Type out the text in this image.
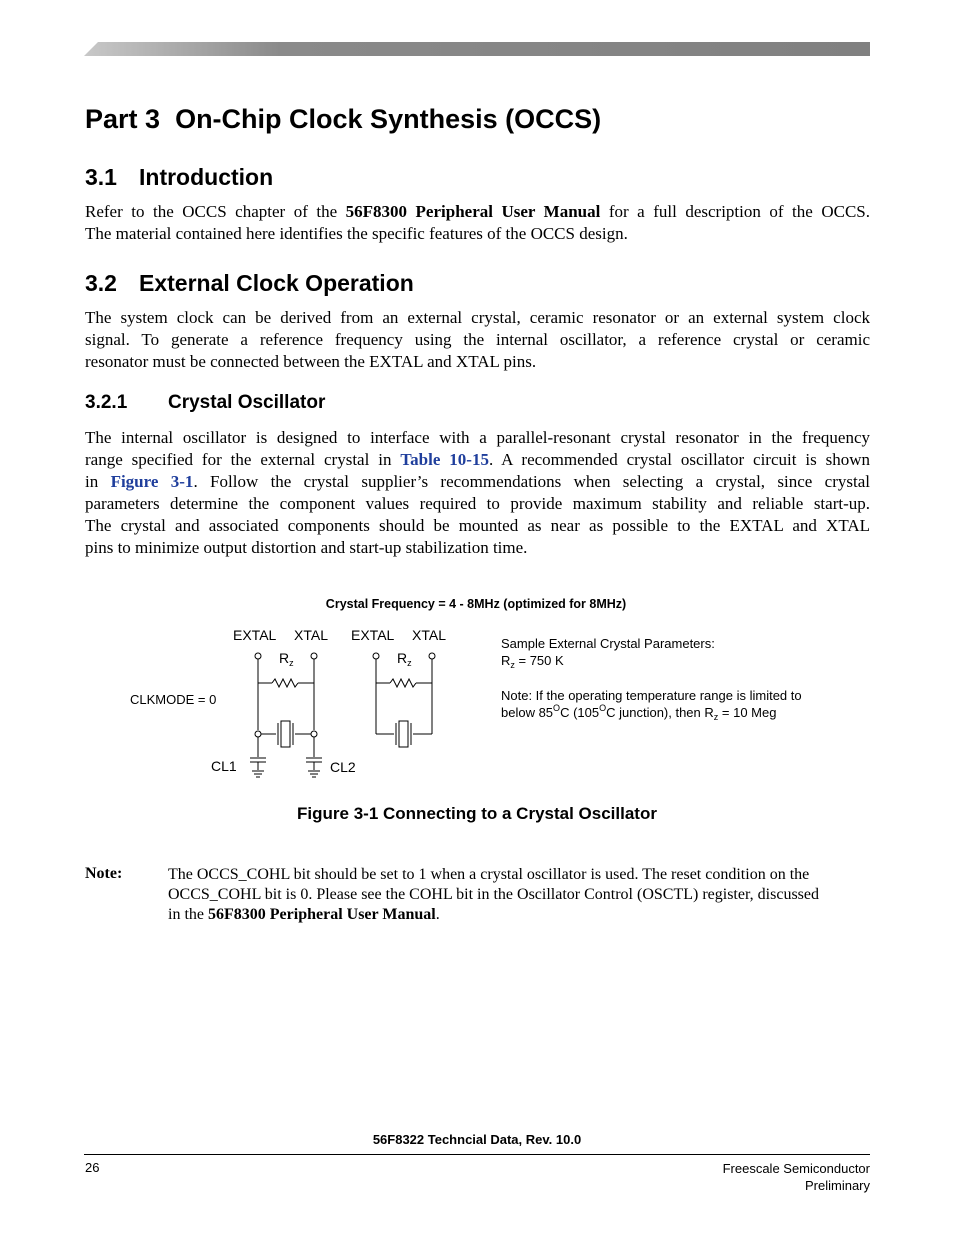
Part 3 On-Chip Clock Synthesis (OCCS)
3.1 Introduction
Refer to the OCCS chapter of the 56F8300 Peripheral User Manual for a full description of the OCCS.
The material contained here identifies the specific features of the OCCS design.
3.2 External Clock Operation
The system clock can be derived from an external crystal, ceramic resonator or an external system clock
signal. To generate a reference frequency using the internal oscillator, a reference crystal or ceramic
resonator must be connected between the EXTAL and XTAL pins.
3.2.1 Crystal Oscillator
The internal oscillator is designed to interface with a parallel-resonant crystal resonator in the frequency
range specified for the external crystal in Table 10-15. A recommended crystal oscillator circuit is shown
in Figure 3-1. Follow the crystal supplier’s recommendations when selecting a crystal, since crystal
parameters determine the component values required to provide maximum stability and reliable start-up.
The crystal and associated components should be mounted as near as possible to the EXTAL and XTAL
pins to minimize output distortion and start-up stabilization time.
Crystal Frequency = 4 - 8MHz (optimized for 8MHz)
EXTAL XTAL
$R_z$
CLKMODE = 0
CL1	CL2
EXTAL XTAL
$R_z$
Sample External Crystal Parameters:
$R_z = 750$ K
Note: If the operating temperature range is limited to
below $85^OC$ ($105^OC$ junction), then $R_z = 10$ Meg
Figure 3-1 Connecting to a Crystal Oscillator
Note:	The OCCS_COHL bit should be set to 1 when a crystal oscillator is used. The reset condition on the
OCCS_COHL bit is 0. Please see the COHL bit in the Oscillator Control (OSCTL) register, discussed
in the 56F8300 Peripheral User Manual.
56F8322 Techncial Data, Rev. 10.0
26	Freescale Semiconductor
Preliminary
